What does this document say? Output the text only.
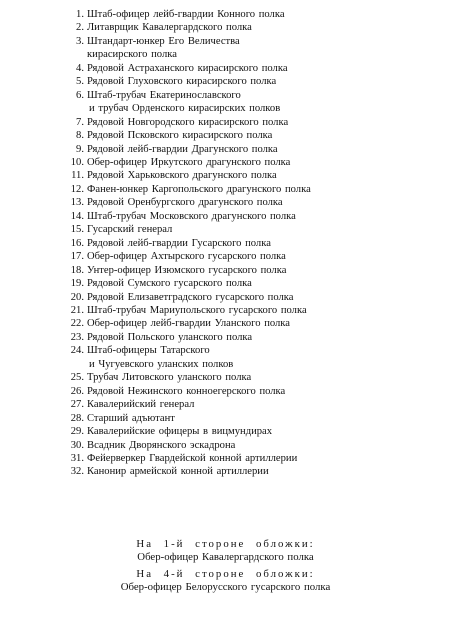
1. Штаб-офицер лейб-гвардии Конного полка
2. Литаврщик Кавалергардского полка
3. Штандарт-юнкер Его Величества
кирасирского полка
4. Рядовой Астраханского кирасирского полка
5. Рядовой Глуховского кирасирского полка
6. Штаб-трубач Екатеринославского
и трубач Орденского кирасирских полков
7. Рядовой Новгородского кирасирского полка
8. Рядовой Псковского кирасирского полка
9. Рядовой лейб-гвардии Драгунского полка
10. Обер-офицер Иркутского драгунского полка
11. Рядовой Харьковского драгунского полка
12. Фанен-юнкер Каргопольского драгунского полка
13. Рядовой Оренбургского драгунского полка
14. Штаб-трубач Московского драгунского полка
15. Гусарский генерал
16. Рядовой лейб-гвардии Гусарского полка
17. Обер-офицер Ахтырского гусарского полка
18. Унтер-офицер Изюмского гусарского полка
19. Рядовой Сумского гусарского полка
20. Рядовой Елизаветградского гусарского полка
21. Штаб-трубач Мариупольского гусарского полка
22. Обер-офицер лейб-гвардии Уланского полка
23. Рядовой Польского уланского полка
24. Штаб-офицеры Татарского
и Чугуевского уланских полков
25. Трубач Литовского уланского полка
26. Рядовой Нежинского конноегерского полка
27. Кавалерийский генерал
28. Старший адъютант
29. Кавалерийские офицеры в вицмундирах
30. Всадник Дворянского эскадрона
31. Фейерверкер Гвардейской конной артиллерии
32. Канонир армейской конной артиллерии
На 1-й стороне обложки:
Обер-офицер Кавалергардского полка
На 4-й стороне обложки:
Обер-офицер Белорусского гусарского полка
